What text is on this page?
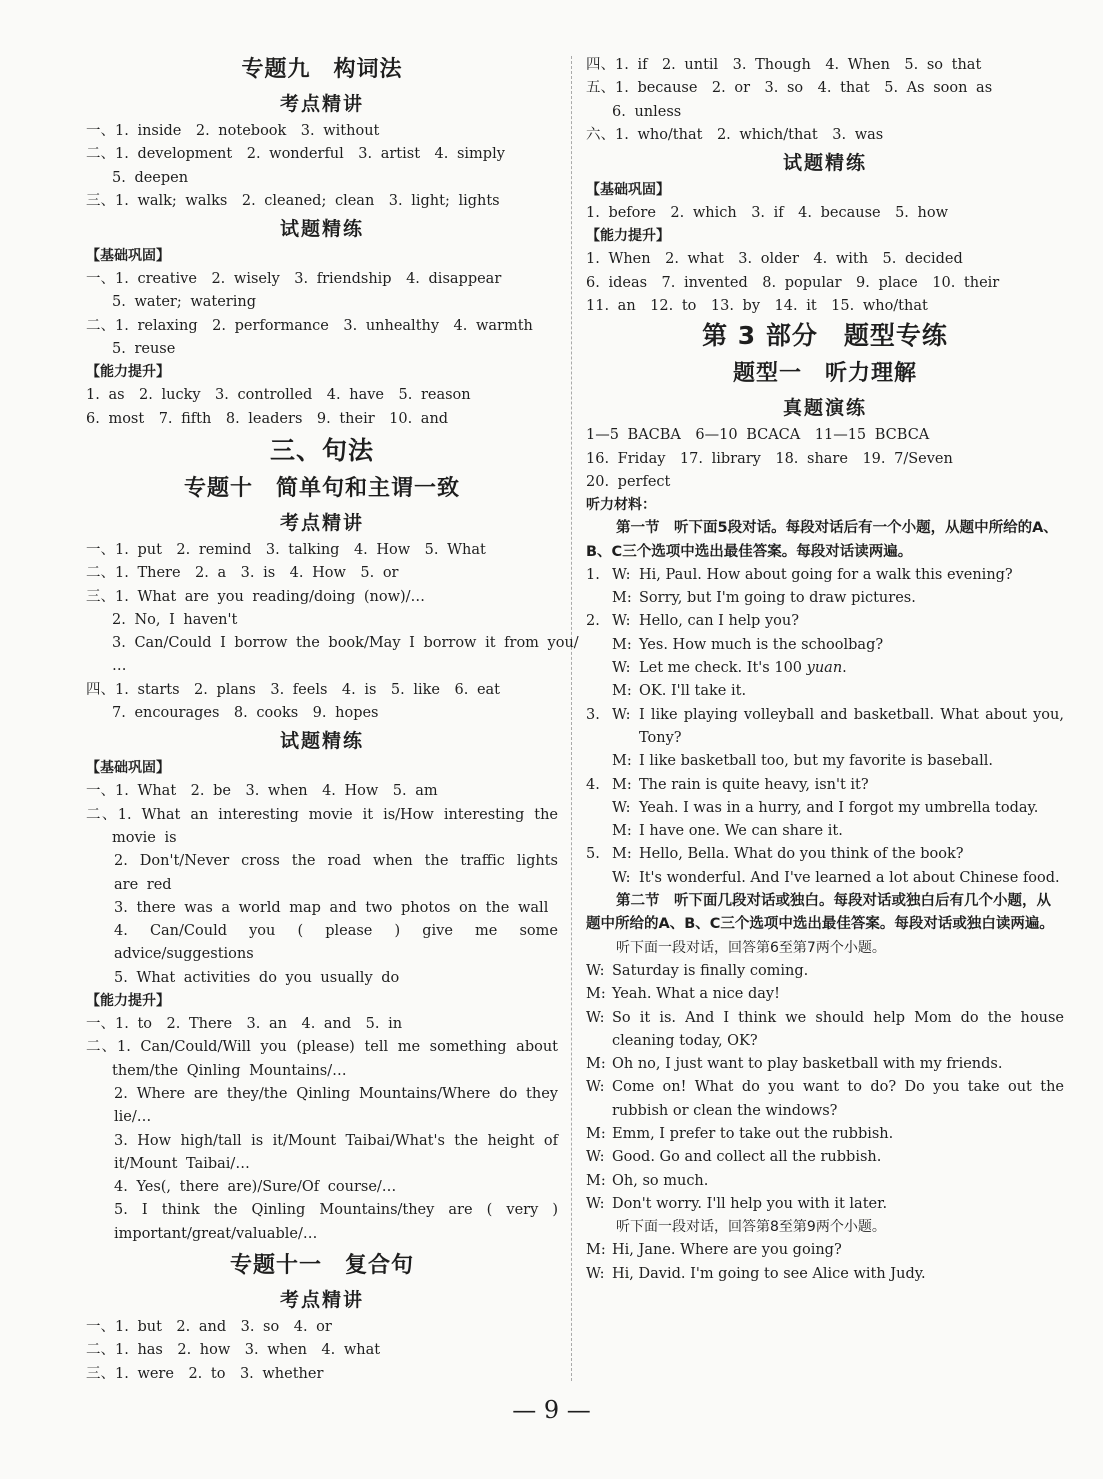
专题九　构词法
考点精讲
一、1. inside　2. notebook　3. without
二、1. development　2. wonderful　3. artist　4. simply
5. deepen
三、1. walk; walks　2. cleaned; clean　3. light; lights
试题精练
【基础巩固】
一、1. creative　2. wisely　3. friendship　4. disappear
5. water; watering
二、1. relaxing　2. performance　3. unhealthy　4. warmth
5. reuse
【能力提升】
1. as　2. lucky　3. controlled　4. have　5. reason
6. most　7. fifth　8. leaders　9. their　10. and
三、句法
专题十　简单句和主谓一致
考点精讲
一、1. put　2. remind　3. talking　4. How　5. What
二、1. There　2. a　3. is　4. How　5. or
三、1. What are you reading/doing (now)/…
2. No, I haven't
3. Can/Could I borrow the book/May I borrow it from you/
…
四、1. starts　2. plans　3. feels　4. is　5. like　6. eat
7. encourages　8. cooks　9. hopes
试题精练
【基础巩固】
一、1. What　2. be　3. when　4. How　5. am
二、1. What an interesting movie it is/How interesting the movie is
2. Don't/Never cross the road when the traffic lights are red
3. there was a world map and two photos on the wall
4. Can/Could you ( please ) give me some advice/suggestions
5. What activities do you usually do
【能力提升】
一、1. to　2. There　3. an　4. and　5. in
二、1. Can/Could/Will you (please) tell me something about them/the Qinling Mountains/…
2. Where are they/the Qinling Mountains/Where do they lie/…
3. How high/tall is it/Mount Taibai/What's the height of it/Mount Taibai/…
4. Yes(, there are)/Sure/Of course/…
5. I think the Qinling Mountains/they are ( very ) important/great/valuable/…
专题十一　复合句
考点精讲
一、1. but　2. and　3. so　4. or
二、1. has　2. how　3. when　4. what
三、1. were　2. to　3. whether
四、1. if　2. until　3. Though　4. When　5. so that
五、1. because　2. or　3. so　4. that　5. As soon as
6. unless
六、1. who/that　2. which/that　3. was
试题精练
【基础巩固】
1. before　2. which　3. if　4. because　5. how
【能力提升】
1. When　2. what　3. older　4. with　5. decided
6. ideas　7. invented　8. popular　9. place　10. their
11. an　12. to　13. by　14. it　15. who/that
第 3 部分　题型专练
题型一　听力理解
真题演练
1—5 BACBA　6—10 BCACA　11—15 BCBCA
16. Friday　17. library　18. share　19. 7/Seven
20. perfect
听力材料：
第一节　听下面5段对话。每段对话后有一个小题，从题中所给的A、B、C三个选项中选出最佳答案。每段对话读两遍。
1. W: Hi, Paul. How about going for a walk this evening?
M: Sorry, but I'm going to draw pictures.
2. W: Hello, can I help you?
M: Yes. How much is the schoolbag?
W: Let me check. It's 100 yuan.
M: OK. I'll take it.
3. W: I like playing volleyball and basketball. What about you, Tony?
M: I like basketball too, but my favorite is baseball.
4. M: The rain is quite heavy, isn't it?
W: Yeah. I was in a hurry, and I forgot my umbrella today.
M: I have one. We can share it.
5. M: Hello, Bella. What do you think of the book?
W: It's wonderful. And I've learned a lot about Chinese food.
第二节　听下面几段对话或独白。每段对话或独白后有几个小题，从题中所给的A、B、C三个选项中选出最佳答案。每段对话或独白读两遍。
听下面一段对话，回答第6至第7两个小题。
W: Saturday is finally coming.
M: Yeah. What a nice day!
W: So it is. And I think we should help Mom do the house cleaning today, OK?
M: Oh no, I just want to play basketball with my friends.
W: Come on! What do you want to do? Do you take out the rubbish or clean the windows?
M: Emm, I prefer to take out the rubbish.
W: Good. Go and collect all the rubbish.
M: Oh, so much.
W: Don't worry. I'll help you with it later.
听下面一段对话，回答第8至第9两个小题。
M: Hi, Jane. Where are you going?
W: Hi, David. I'm going to see Alice with Judy.
— 9 —
